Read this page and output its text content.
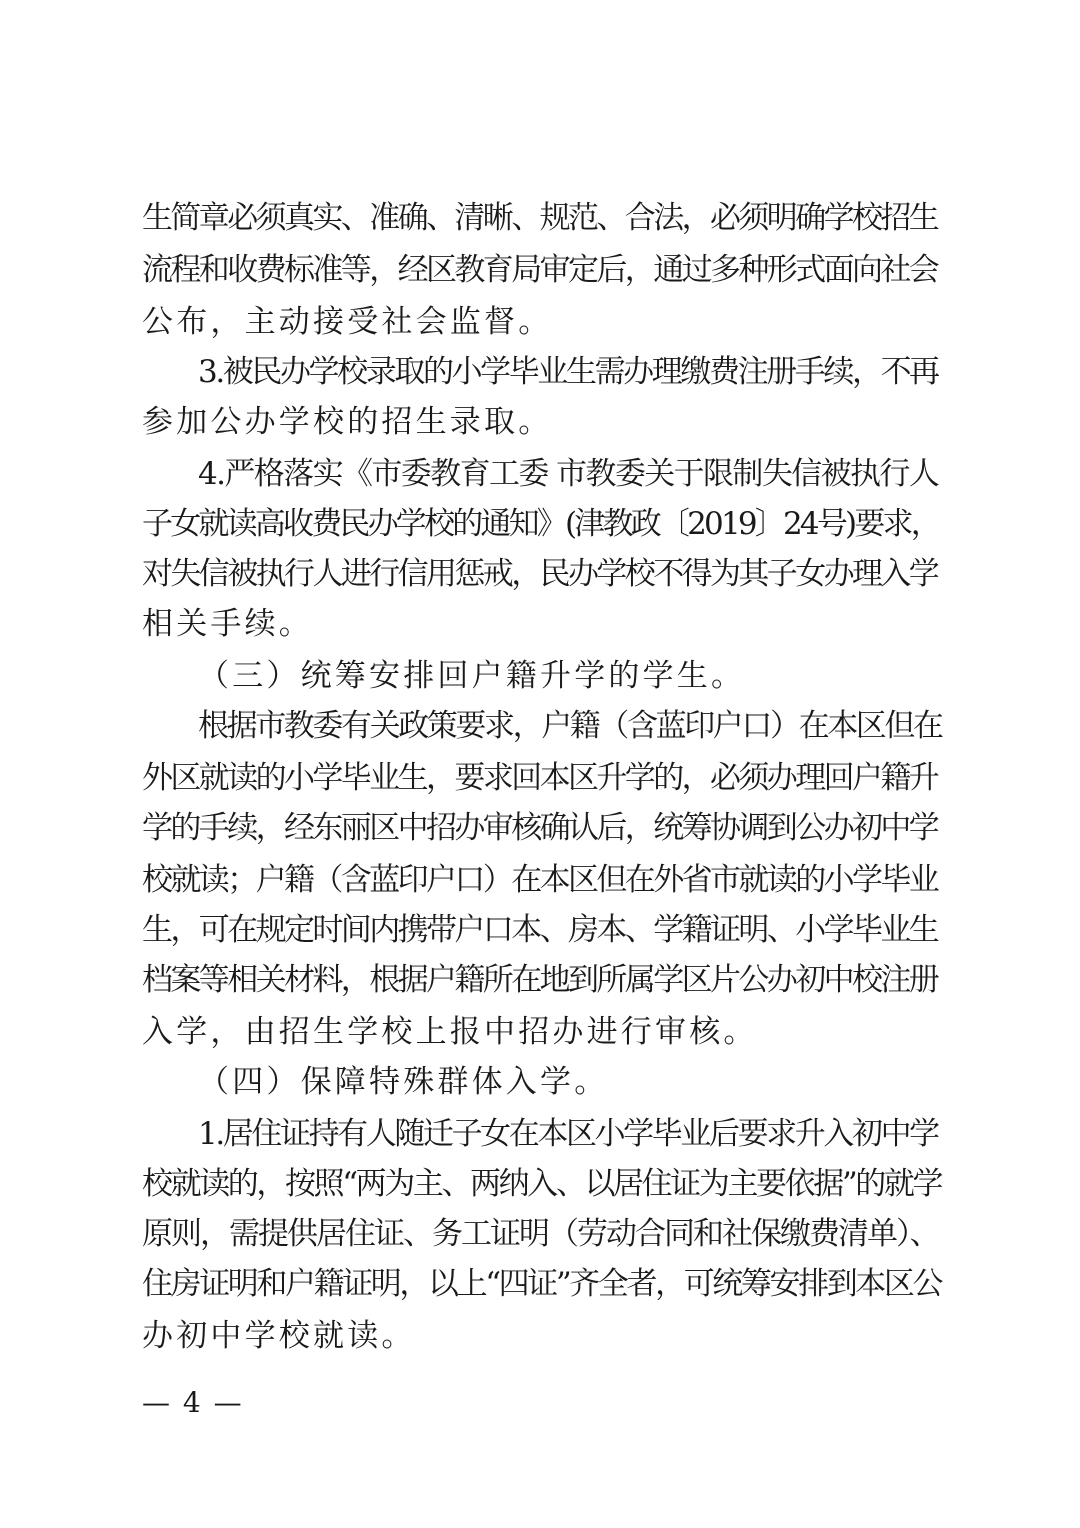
生简章必须真实、准确、清晰、规范、合法，必须明确学校招生
流程和收费标准等，经区教育局审定后，通过多种形式面向社会
公布，主动接受社会监督。
3.被民办学校录取的小学毕业生需办理缴费注册手续，不再
参加公办学校的招生录取。
4.严格落实《市委教育工委 市教委关于限制失信被执行人
子女就读高收费民办学校的通知》(津教政〔2019〕24号)要求，
对失信被执行人进行信用惩戒，民办学校不得为其子女办理入学
相关手续。
（三）统筹安排回户籍升学的学生。
根据市教委有关政策要求，户籍（含蓝印户口）在本区但在
外区就读的小学毕业生，要求回本区升学的，必须办理回户籍升
学的手续，经东丽区中招办审核确认后，统筹协调到公办初中学
校就读；户籍（含蓝印户口）在本区但在外省市就读的小学毕业
生，可在规定时间内携带户口本、房本、学籍证明、小学毕业生
档案等相关材料，根据户籍所在地到所属学区片公办初中校注册
入学，由招生学校上报中招办进行审核。
（四）保障特殊群体入学。
1.居住证持有人随迁子女在本区小学毕业后要求升入初中学
校就读的，按照“两为主、两纳入、以居住证为主要依据”的就学
原则，需提供居住证、务工证明（劳动合同和社保缴费清单）、
住房证明和户籍证明，以上“四证”齐全者，可统筹安排到本区公
办初中学校就读。
— 4 —
